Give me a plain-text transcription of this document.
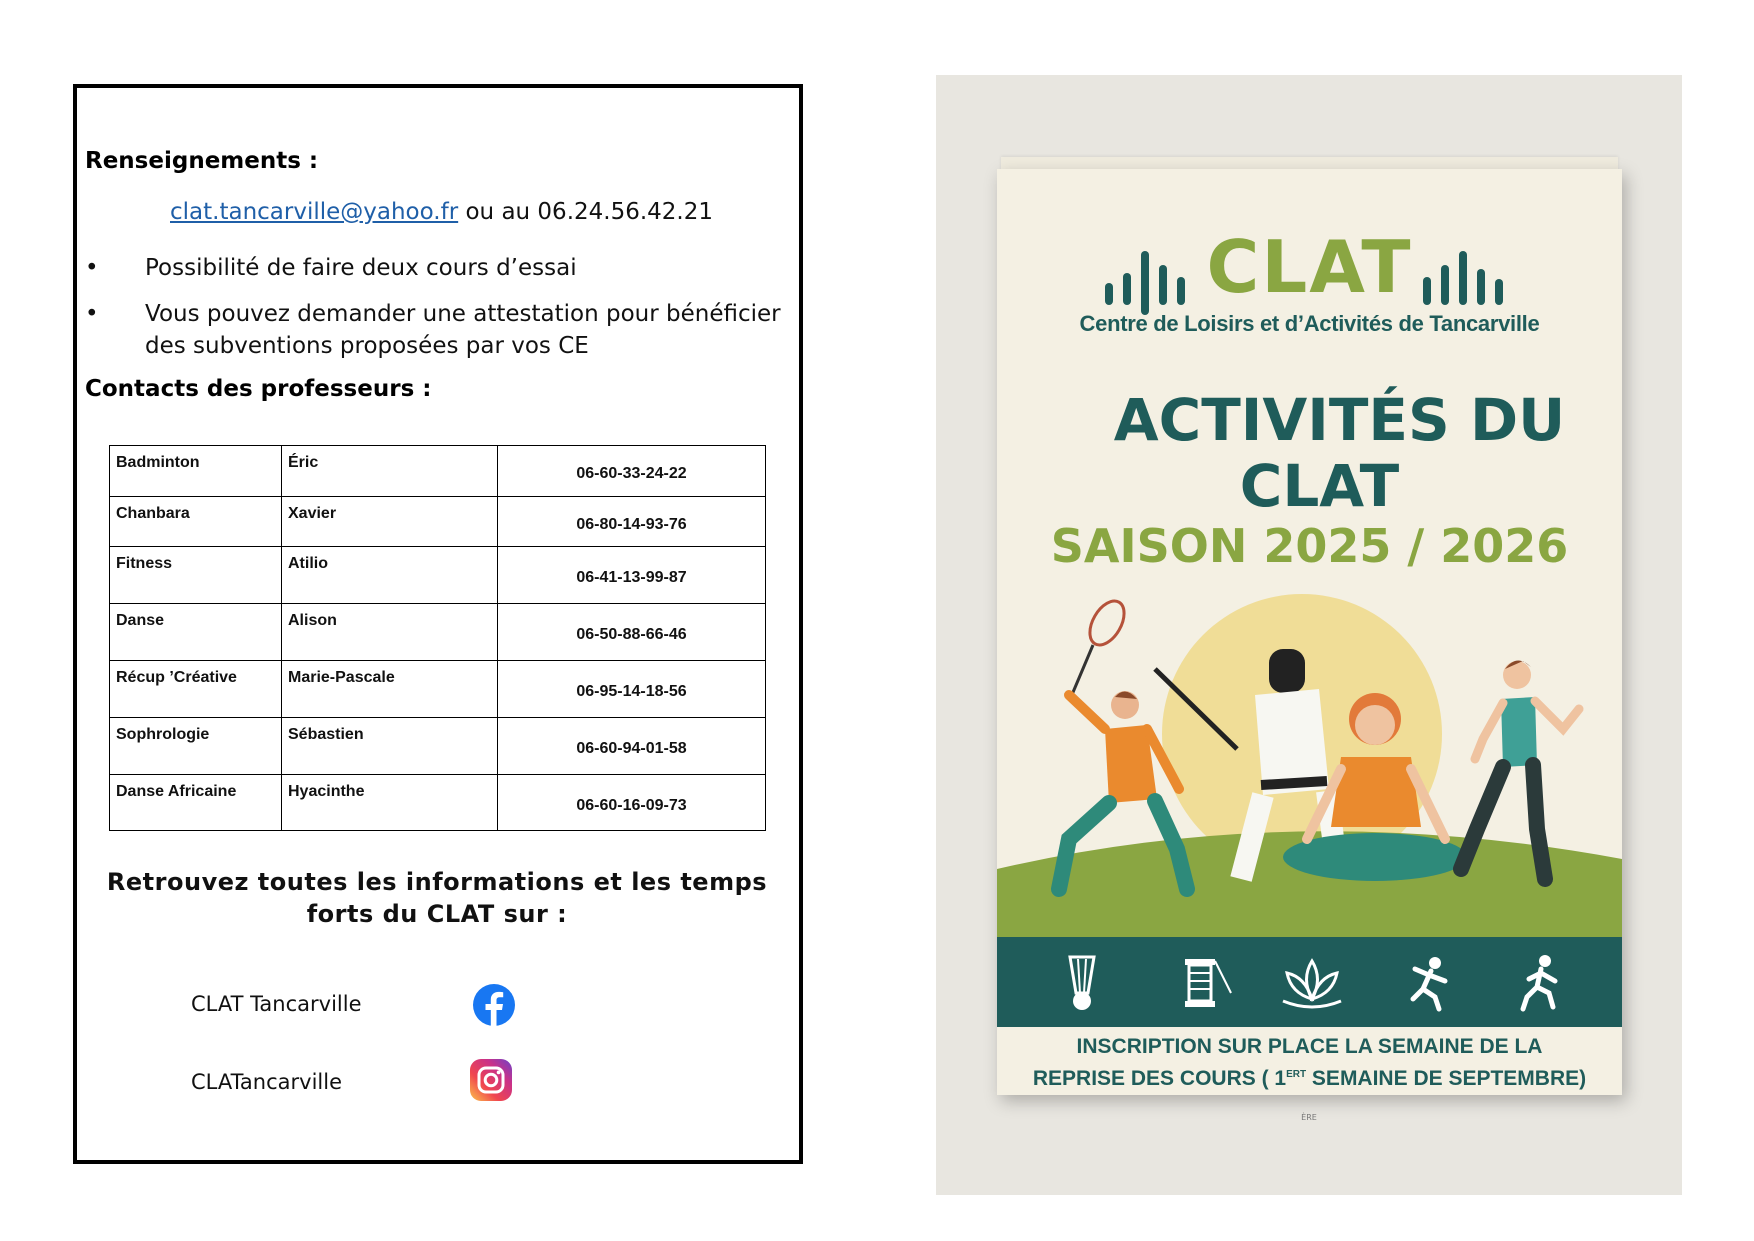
Renseignements :
clat.tancarville@yahoo.fr ou au 06.24.56.42.21
• Possibilité de faire deux cours d’essai
• Vous pouvez demander une attestation pour bénéficier des subventions proposées par vos CE
Contacts des professeurs :
Badminton	Éric	06-60-33-24-22
Chanbara	Xavier	06-80-14-93-76
Fitness	Atilio	06-41-13-99-87
Danse	Alison	06-50-88-66-46
Récup ’Créative	Marie-Pascale	06-95-14-18-56
Sophrologie	Sébastien	06-60-94-01-58
Danse Africaine	Hyacinthe	06-60-16-09-73
Retrouvez toutes les informations et les temps forts du CLAT sur :
CLAT Tancarville
CLATancarville
CLAT
Centre de Loisirs et d’Activités de Tancarville
ACTIVITÉS DU
CLAT
SAISON 2025 / 2026
INSCRIPTION SUR PLACE LA SEMAINE DE LA
REPRISE DES COURS ( $1^{ERT}$ SEMAINE DE SEPTEMBRE)
ÈRE
